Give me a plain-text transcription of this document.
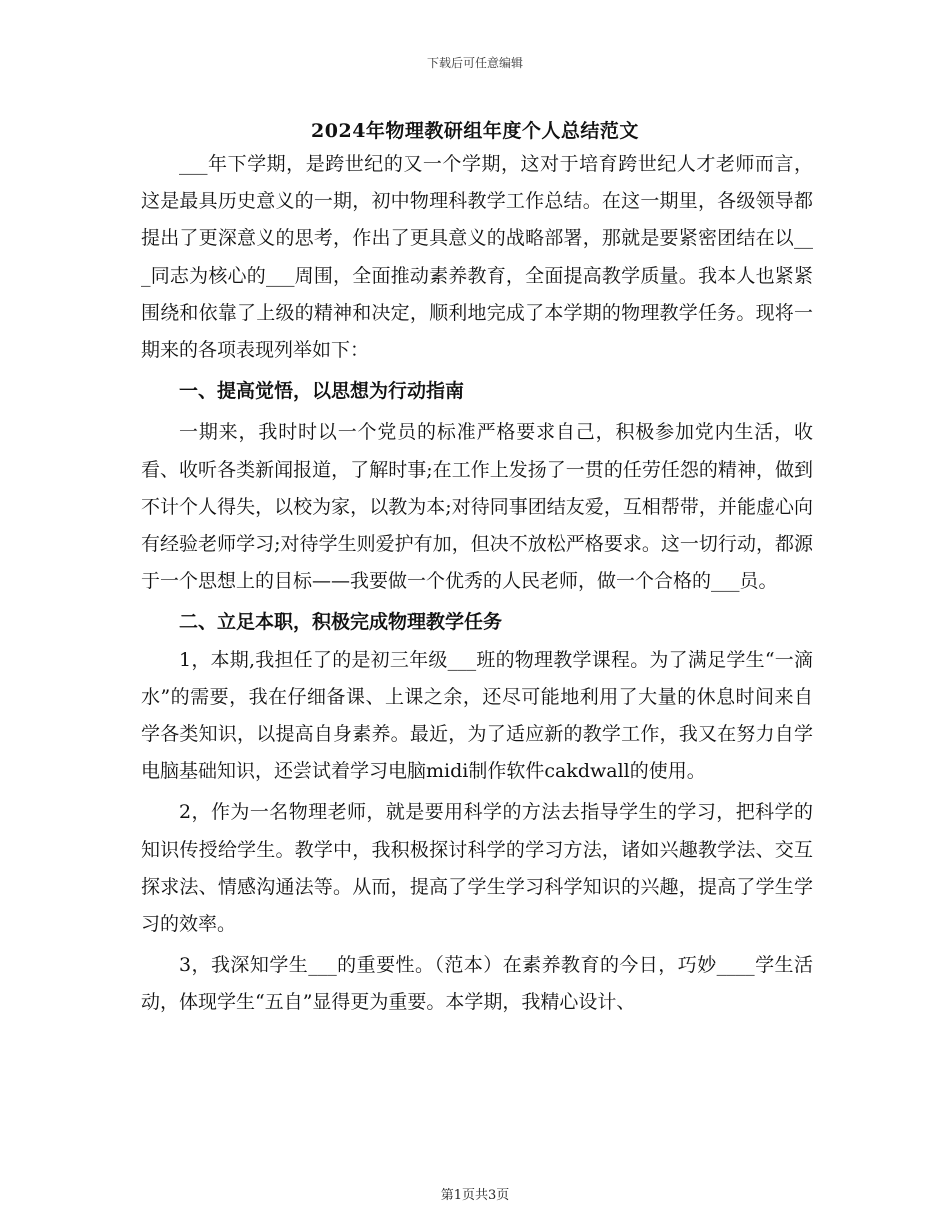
下载后可任意编辑
2024年物理教研组年度个人总结范文

___年下学期，是跨世纪的又一个学期，这对于培育跨世纪人才老师而言，这是最具历史意义的一期，初中物理科教学工作总结。在这一期里，各级领导都提出了更深意义的思考，作出了更具意义的战略部署，那就是要紧密团结在以___同志为核心的___周围，全面推动素养教育，全面提高教学质量。我本人也紧紧围绕和依靠了上级的精神和决定，顺利地完成了本学期的物理教学任务。现将一期来的各项表现列举如下：

一、提高觉悟，以思想为行动指南

一期来，我时时以一个党员的标准严格要求自己，积极参加党内生活，收看、收听各类新闻报道，了解时事;在工作上发扬了一贯的任劳任怨的精神，做到不计个人得失，以校为家，以教为本;对待同事团结友爱，互相帮带，并能虚心向有经验老师学习;对待学生则爱护有加，但决不放松严格要求。这一切行动，都源于一个思想上的目标——我要做一个优秀的人民老师，做一个合格的___员。

二、立足本职，积极完成物理教学任务

1，本期,我担任了的是初三年级___班的物理教学课程。为了满足学生“一滴水”的需要，我在仔细备课、上课之余，还尽可能地利用了大量的休息时间来自学各类知识，以提高自身素养。最近，为了适应新的教学工作，我又在努力自学电脑基础知识，还尝试着学习电脑midi制作软件cakdwall的使用。

2，作为一名物理老师，就是要用科学的方法去指导学生的学习，把科学的知识传授给学生。教学中，我积极探讨科学的学习方法，诸如兴趣教学法、交互探求法、情感沟通法等。从而，提高了学生学习科学知识的兴趣，提高了学生学习的效率。

3，我深知学生___的重要性。（范本）在素养教育的今日，巧妙____学生活动，体现学生“五自”显得更为重要。本学期，我精心设计、

第1页共3页
